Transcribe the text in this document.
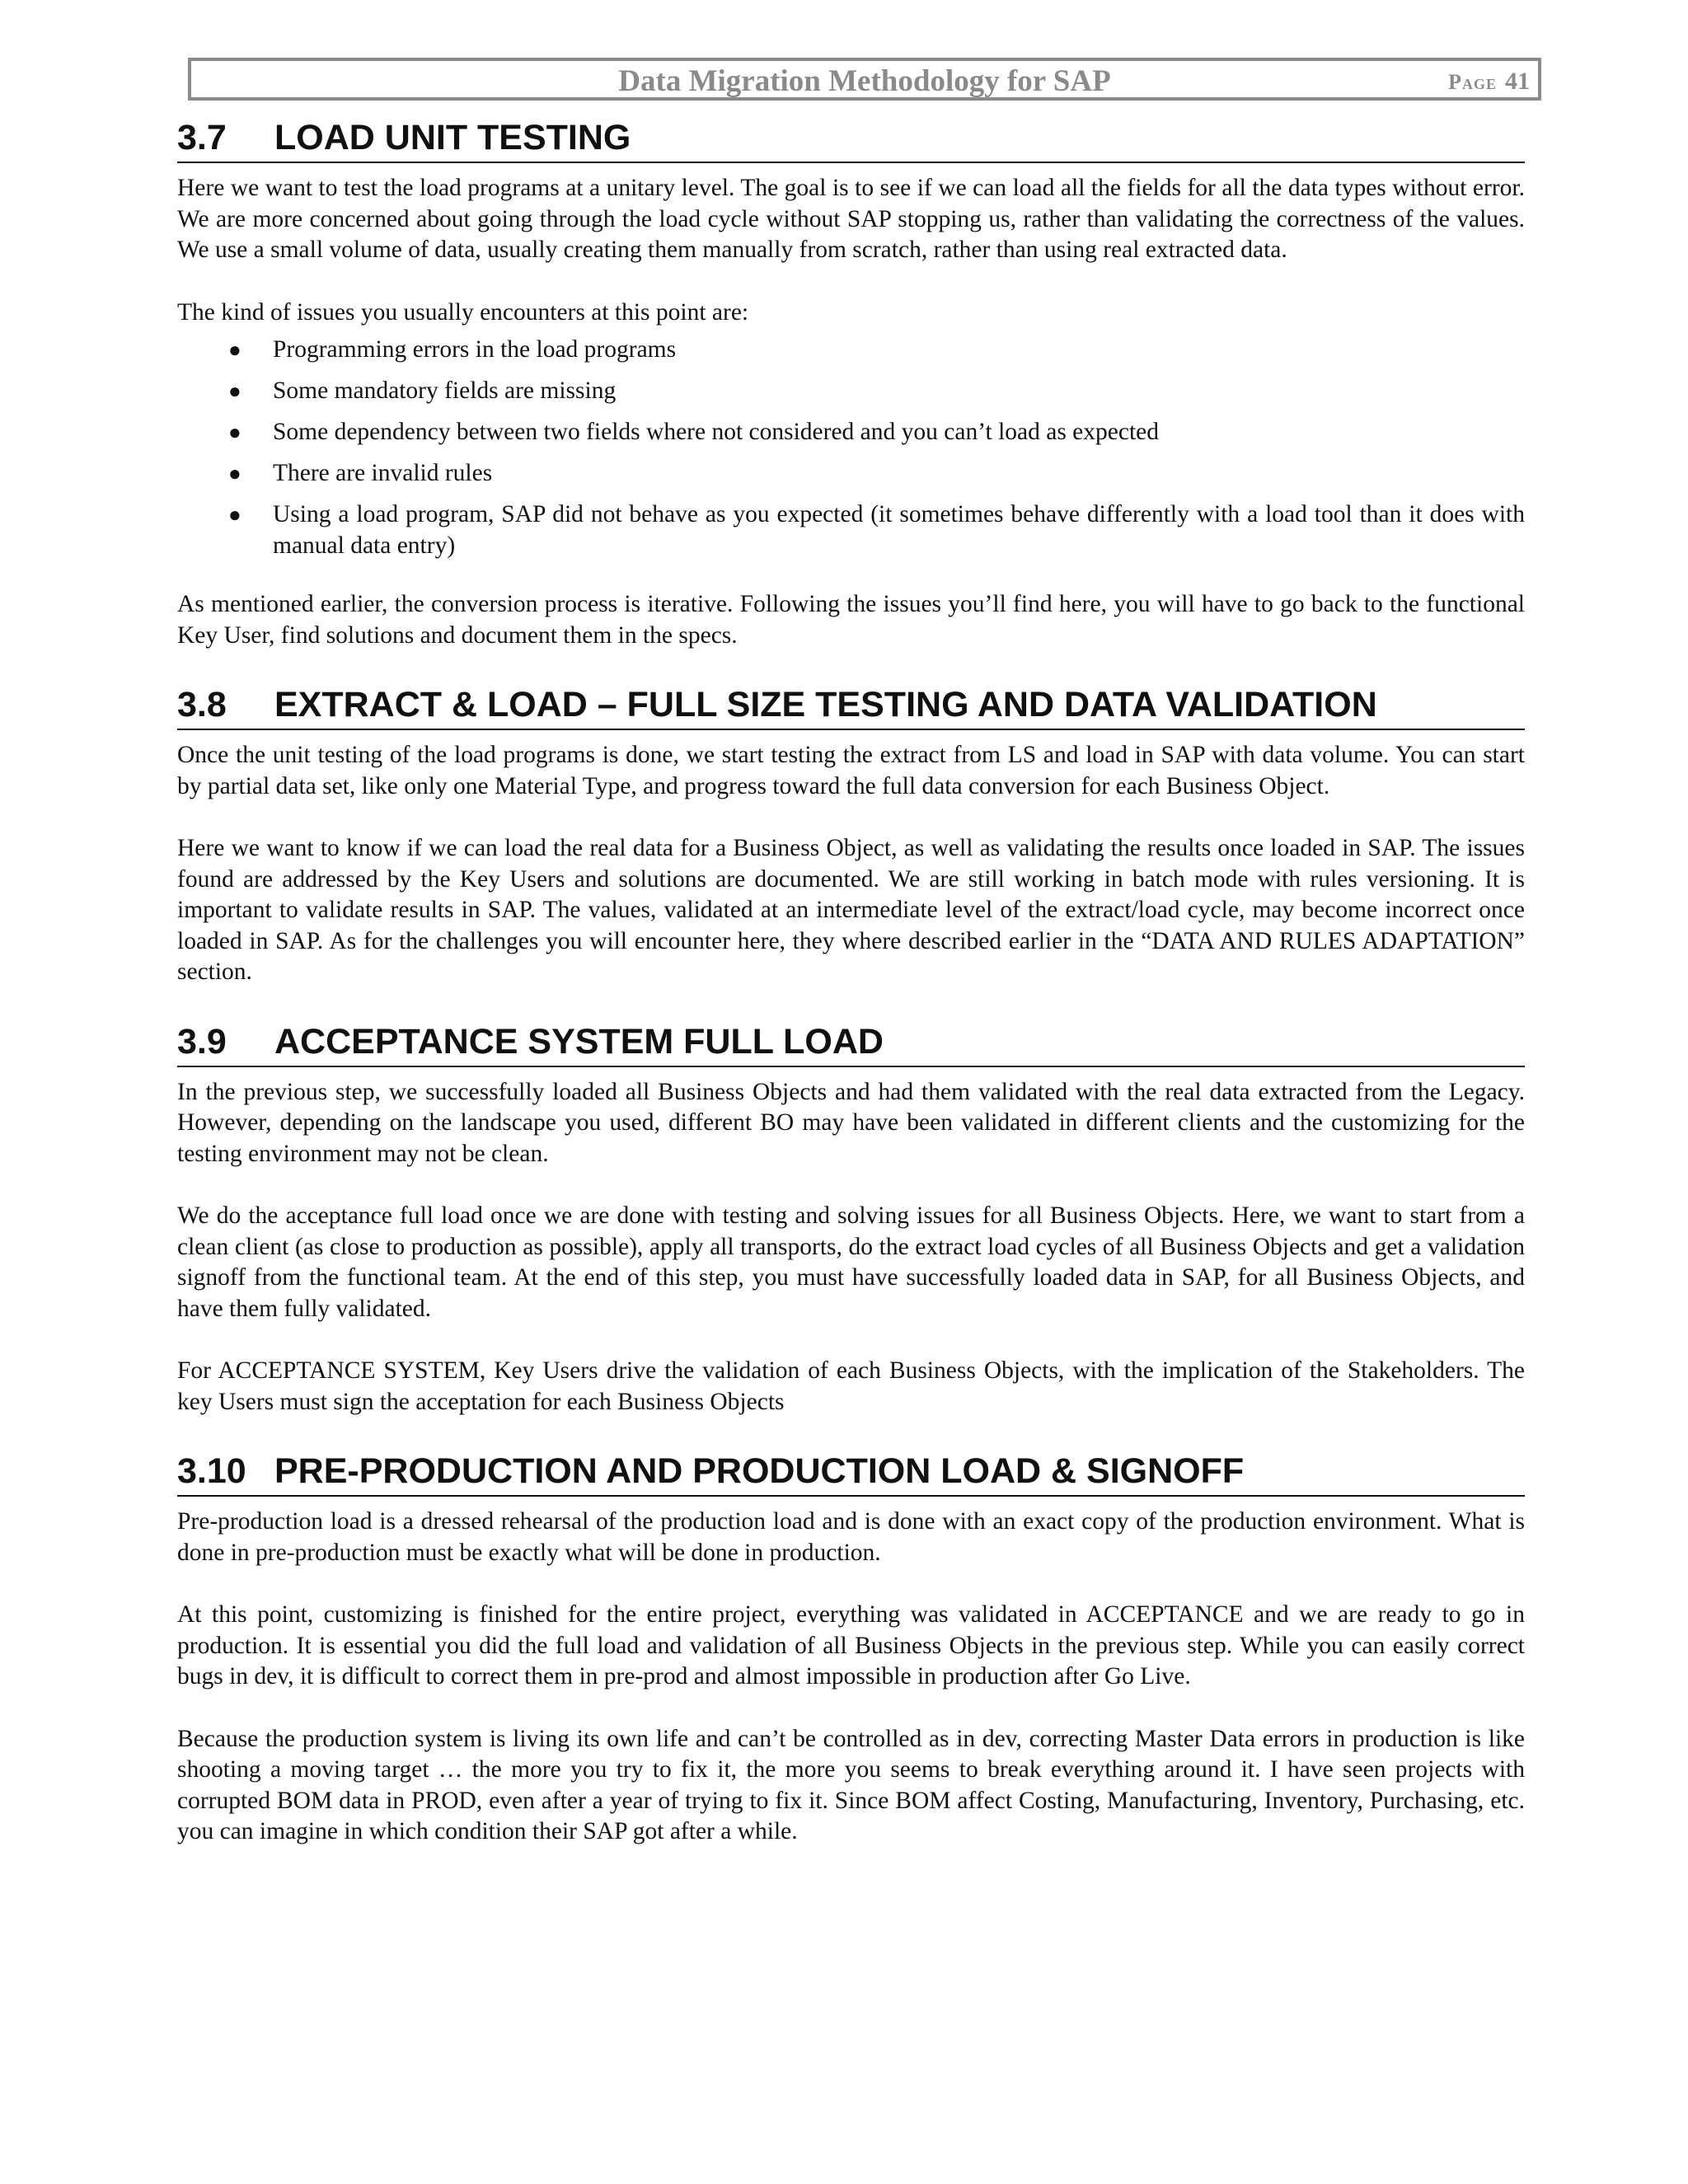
Data Migration Methodology for SAP	Page 41
3.7	LOAD UNIT TESTING

Here we want to test the load programs at a unitary level. The goal is to see if we can load all the fields for all the data types without error. We are more concerned about going through the load cycle without SAP stopping us, rather than validating the correctness of the values. We use a small volume of data, usually creating them manually from scratch, rather than using real extracted data.

The kind of issues you usually encounters at this point are:

● Programming errors in the load programs
● Some mandatory fields are missing
● Some dependency between two fields where not considered and you can’t load as expected
● There are invalid rules
● Using a load program, SAP did not behave as you expected (it sometimes behave differently with a load tool than it does with manual data entry)

As mentioned earlier, the conversion process is iterative. Following the issues you’ll find here, you will have to go back to the functional Key User, find solutions and document them in the specs.

3.8	EXTRACT & LOAD – FULL SIZE TESTING AND DATA VALIDATION

Once the unit testing of the load programs is done, we start testing the extract from LS and load in SAP with data volume. You can start by partial data set, like only one Material Type, and progress toward the full data conversion for each Business Object.

Here we want to know if we can load the real data for a Business Object, as well as validating the results once loaded in SAP. The issues found are addressed by the Key Users and solutions are documented. We are still working in batch mode with rules versioning. It is important to validate results in SAP. The values, validated at an intermediate level of the extract/load cycle, may become incorrect once loaded in SAP. As for the challenges you will encounter here, they where described earlier in the “DATA AND RULES ADAPTATION” section.

3.9	ACCEPTANCE SYSTEM FULL LOAD

In the previous step, we successfully loaded all Business Objects and had them validated with the real data extracted from the Legacy. However, depending on the landscape you used, different BO may have been validated in different clients and the customizing for the testing environment may not be clean.

We do the acceptance full load once we are done with testing and solving issues for all Business Objects. Here, we want to start from a clean client (as close to production as possible), apply all transports, do the extract load cycles of all Business Objects and get a validation signoff from the functional team. At the end of this step, you must have successfully loaded data in SAP, for all Business Objects, and have them fully validated.

For ACCEPTANCE SYSTEM, Key Users drive the validation of each Business Objects, with the implication of the Stakeholders. The key Users must sign the acceptation for each Business Objects

3.10 PRE-PRODUCTION AND PRODUCTION LOAD & SIGNOFF

Pre-production load is a dressed rehearsal of the production load and is done with an exact copy of the production environment. What is done in pre-production must be exactly what will be done in production.

At this point, customizing is finished for the entire project, everything was validated in ACCEPTANCE and we are ready to go in production. It is essential you did the full load and validation of all Business Objects in the previous step. While you can easily correct bugs in dev, it is difficult to correct them in pre-prod and almost impossible in production after Go Live.

Because the production system is living its own life and can’t be controlled as in dev, correcting Master Data errors in production is like shooting a moving target … the more you try to fix it, the more you seems to break everything around it. I have seen projects with corrupted BOM data in PROD, even after a year of trying to fix it. Since BOM affect Costing, Manufacturing, Inventory, Purchasing, etc. you can imagine in which condition their SAP got after a while.
